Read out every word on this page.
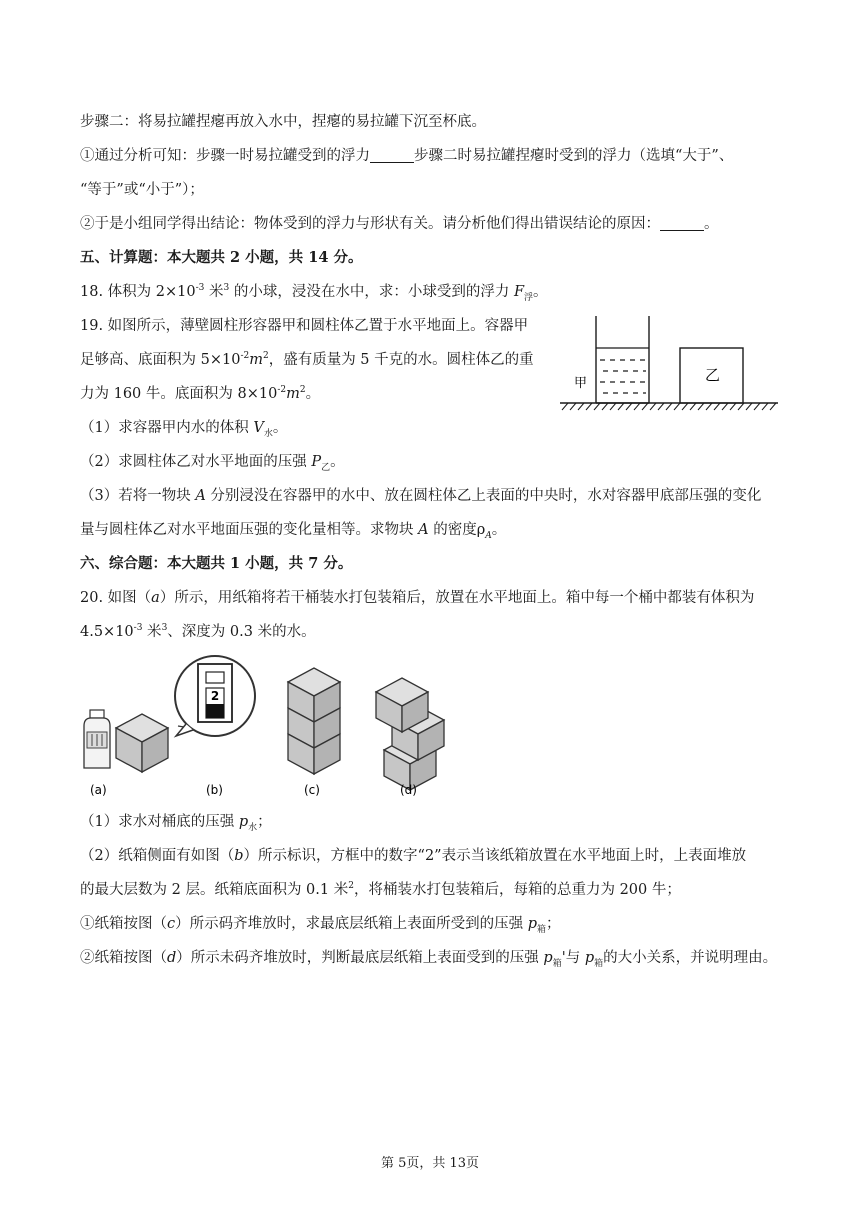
步骤二：将易拉罐捏瘪再放入水中，捏瘪的易拉罐下沉至杯底。
①通过分析可知：步骤一时易拉罐受到的浮力	步骤二时易拉罐捏瘪时受到的浮力（选填“大于”、
“等于”或“小于”）；
②于是小组同学得出结论：物体受到的浮力与形状有关。请分析他们得出错误结论的原因：	。
五、计算题：本大题共 2 小题，共 14 分。
18. 体积为 $2\times 10^{-3}$ 米$^3$ 的小球，浸没在水中，求：小球受到的浮力 $F_浮$。
19. 如图所示，薄壁圆柱形容器甲和圆柱体乙置于水平地面上。容器甲
足够高、底面积为 $5\times 10^{-2}m^2$，盛有质量为 5 千克的水。圆柱体乙的重
力为 160 牛。底面积为 $8\times 10^{-2}m^2$。
（1）求容器甲内水的体积 $V_水$。
（2）求圆柱体乙对水平地面的压强 $P_乙$。
（3）若将一物块 A 分别浸没在容器甲的水中、放在圆柱体乙上表面的中央时，水对容器甲底部压强的变化
量与圆柱体乙对水平地面压强的变化量相等。求物块 A 的密度$\rho_A$。
甲	乙
六、综合题：本大题共 1 小题，共 7 分。
20. 如图（a）所示，用纸箱将若干桶装水打包装箱后，放置在水平地面上。箱中每一个桶中都装有体积为
$4.5\times 10^{-3}$ 米$^3$、深度为 0.3 米的水。
2
(a)	(b)	(c)	(d)
（1）求水对桶底的压强 $p_水$；
（2）纸箱侧面有如图（b）所示标识，方框中的数字“2”表示当该纸箱放置在水平地面上时，上表面堆放
的最大层数为 2 层。纸箱底面积为 0.1 米$^2$，将桶装水打包装箱后，每箱的总重力为 200 牛；
①纸箱按图（c）所示码齐堆放时，求最底层纸箱上表面所受到的压强 $p_箱$；
②纸箱按图（d）所示未码齐堆放时，判断最底层纸箱上表面受到的压强 $p_箱'$与 $p_箱$的大小关系，并说明理由。
第 5页，共 13页
